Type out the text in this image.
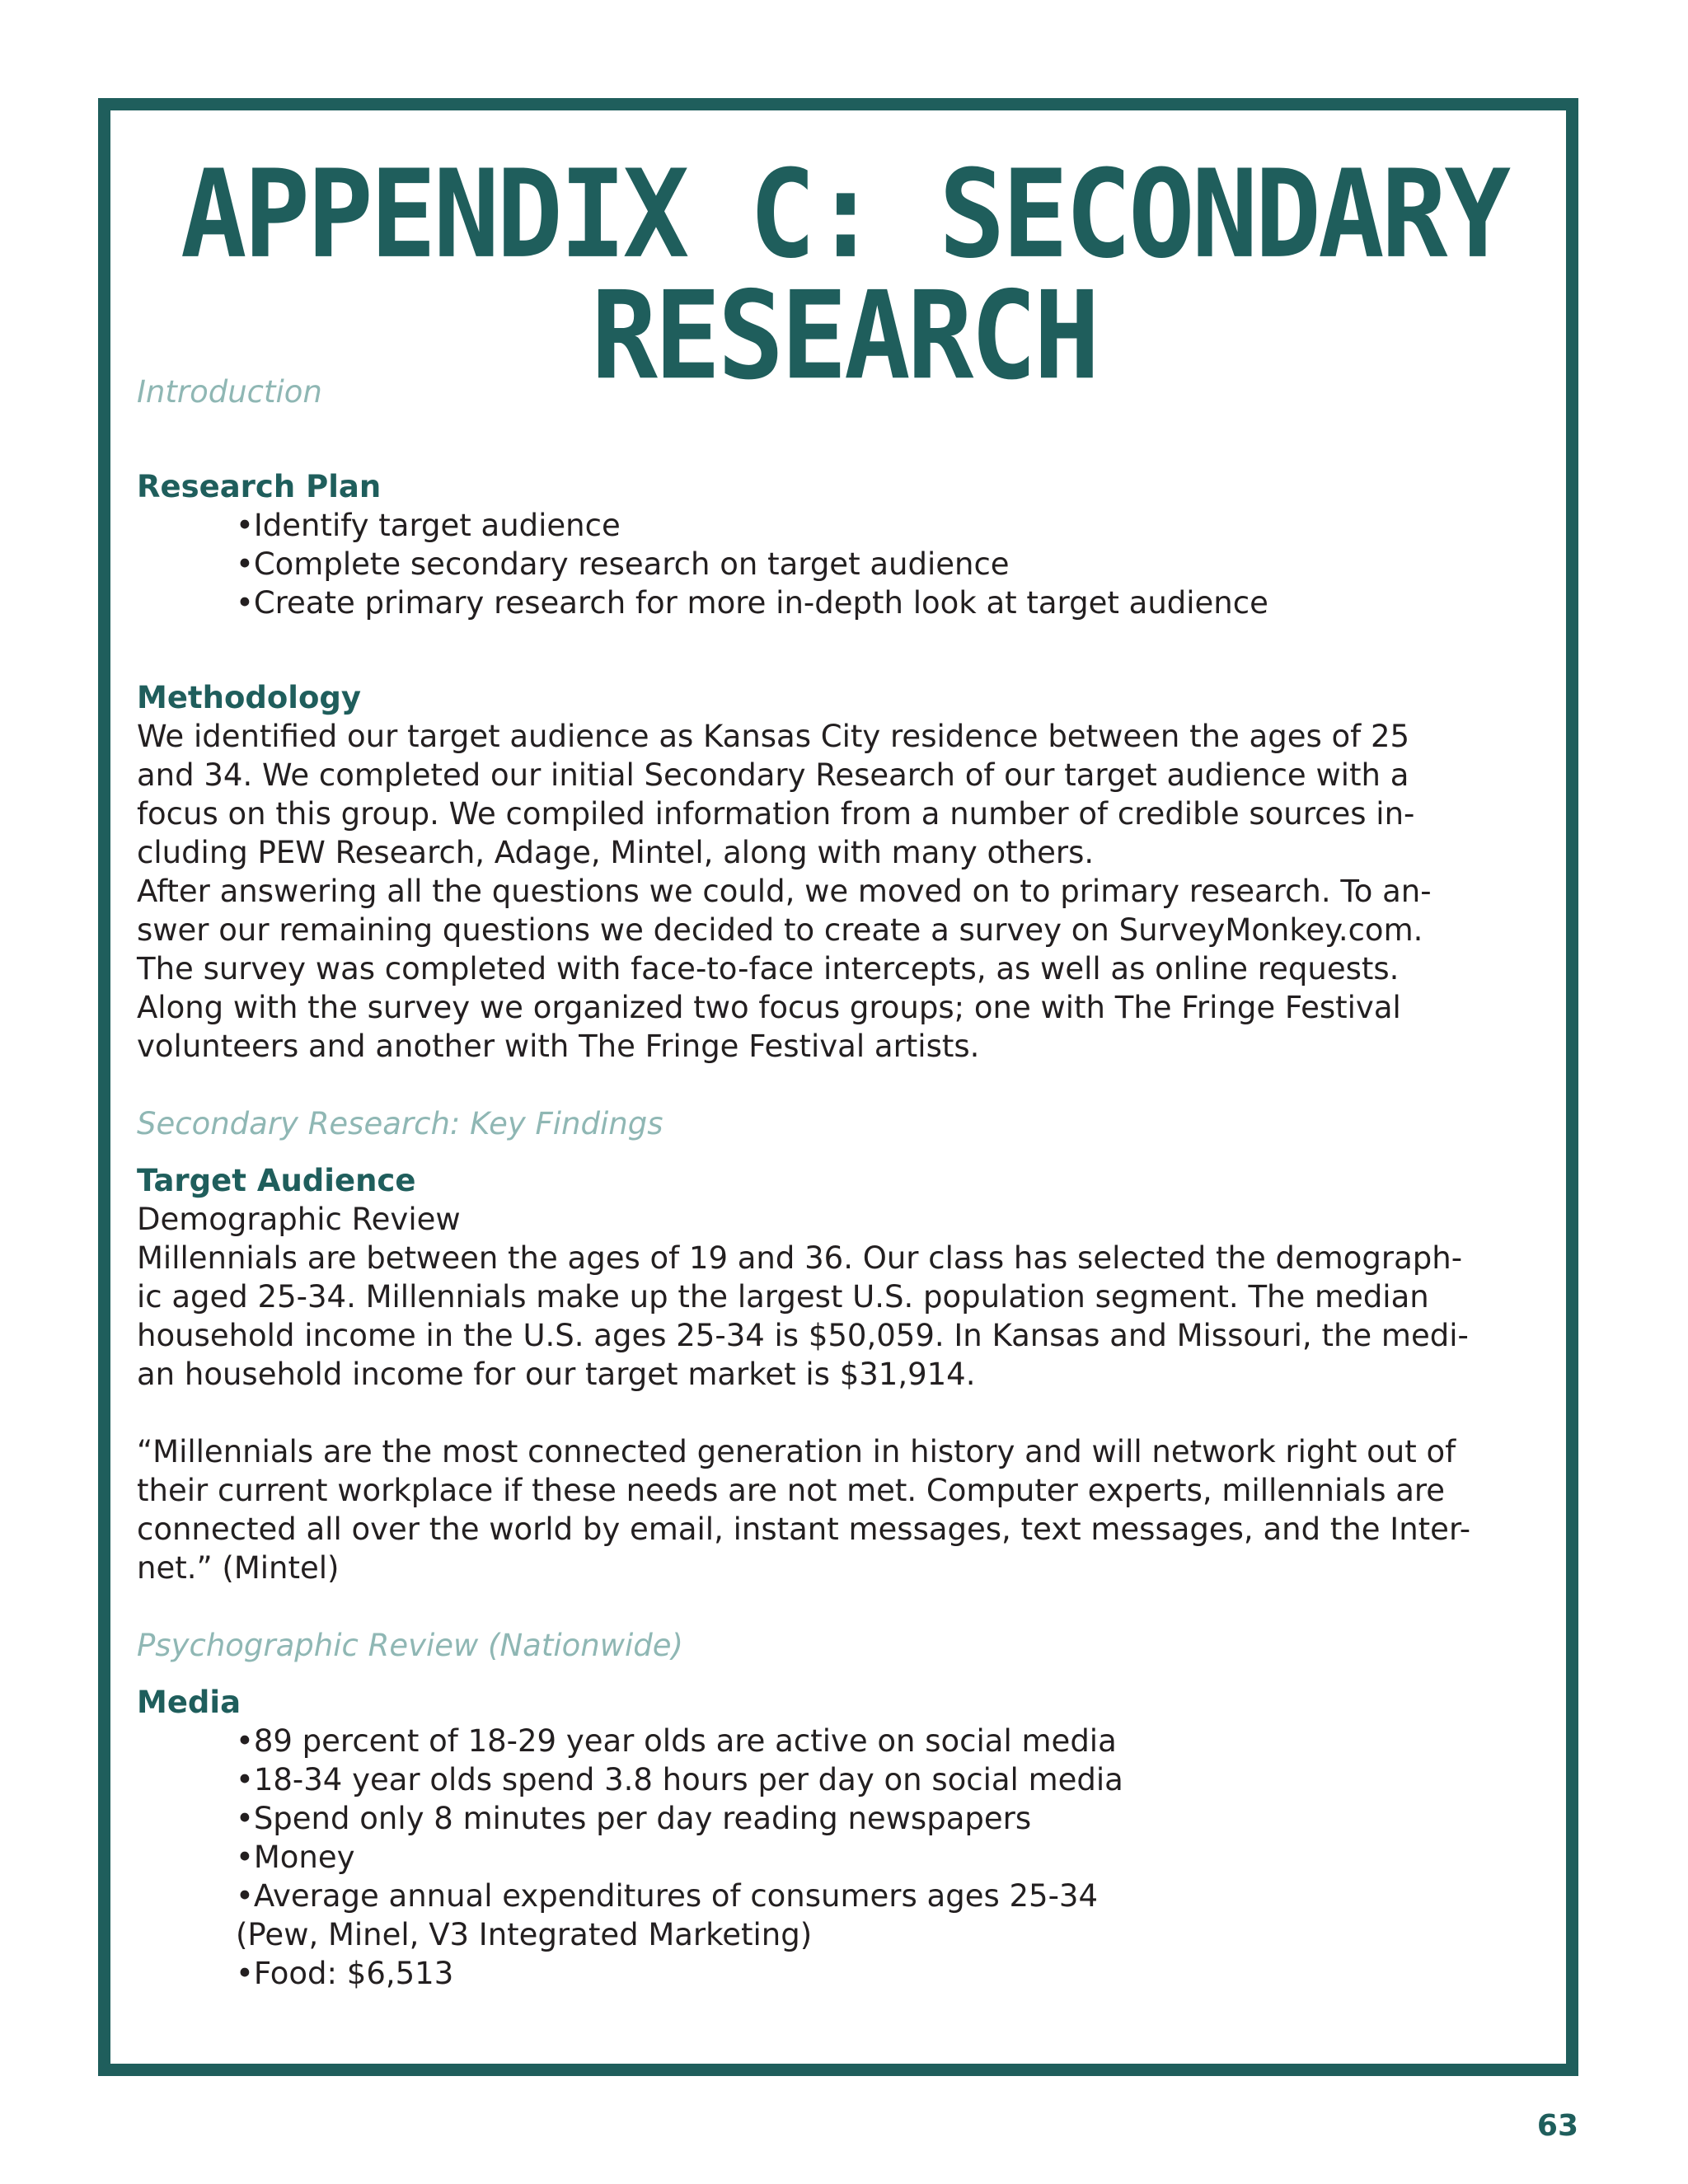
APPENDIX C: SECONDARY RESEARCH
Introduction
Research Plan
•Identify target audience
•Complete secondary research on target audience
•Create primary research for more in-depth look at target audience
Methodology
We identified our target audience as Kansas City residence between the ages of 25
and 34. We completed our initial Secondary Research of our target audience with a
focus on this group. We compiled information from a number of credible sources in-
cluding PEW Research, Adage, Mintel, along with many others.
After answering all the questions we could, we moved on to primary research. To an-
swer our remaining questions we decided to create a survey on SurveyMonkey.com.
The survey was completed with face-to-face intercepts, as well as online requests.
Along with the survey we organized two focus groups; one with The Fringe Festival
volunteers and another with The Fringe Festival artists.
Secondary Research: Key Findings
Target Audience
Demographic Review
Millennials are between the ages of 19 and 36. Our class has selected the demograph-
ic aged 25-34. Millennials make up the largest U.S. population segment. The median
household income in the U.S. ages 25-34 is $50,059. In Kansas and Missouri, the medi-
an household income for our target market is $31,914.
“Millennials are the most connected generation in history and will network right out of
their current workplace if these needs are not met. Computer experts, millennials are
connected all over the world by email, instant messages, text messages, and the Inter-
net.” (Mintel)
Psychographic Review (Nationwide)
Media
•89 percent of 18-29 year olds are active on social media
•18-34 year olds spend 3.8 hours per day on social media
•Spend only 8 minutes per day reading newspapers
•Money
•Average annual expenditures of consumers ages 25-34
(Pew, Minel, V3 Integrated Marketing)
•Food: $6,513
63
